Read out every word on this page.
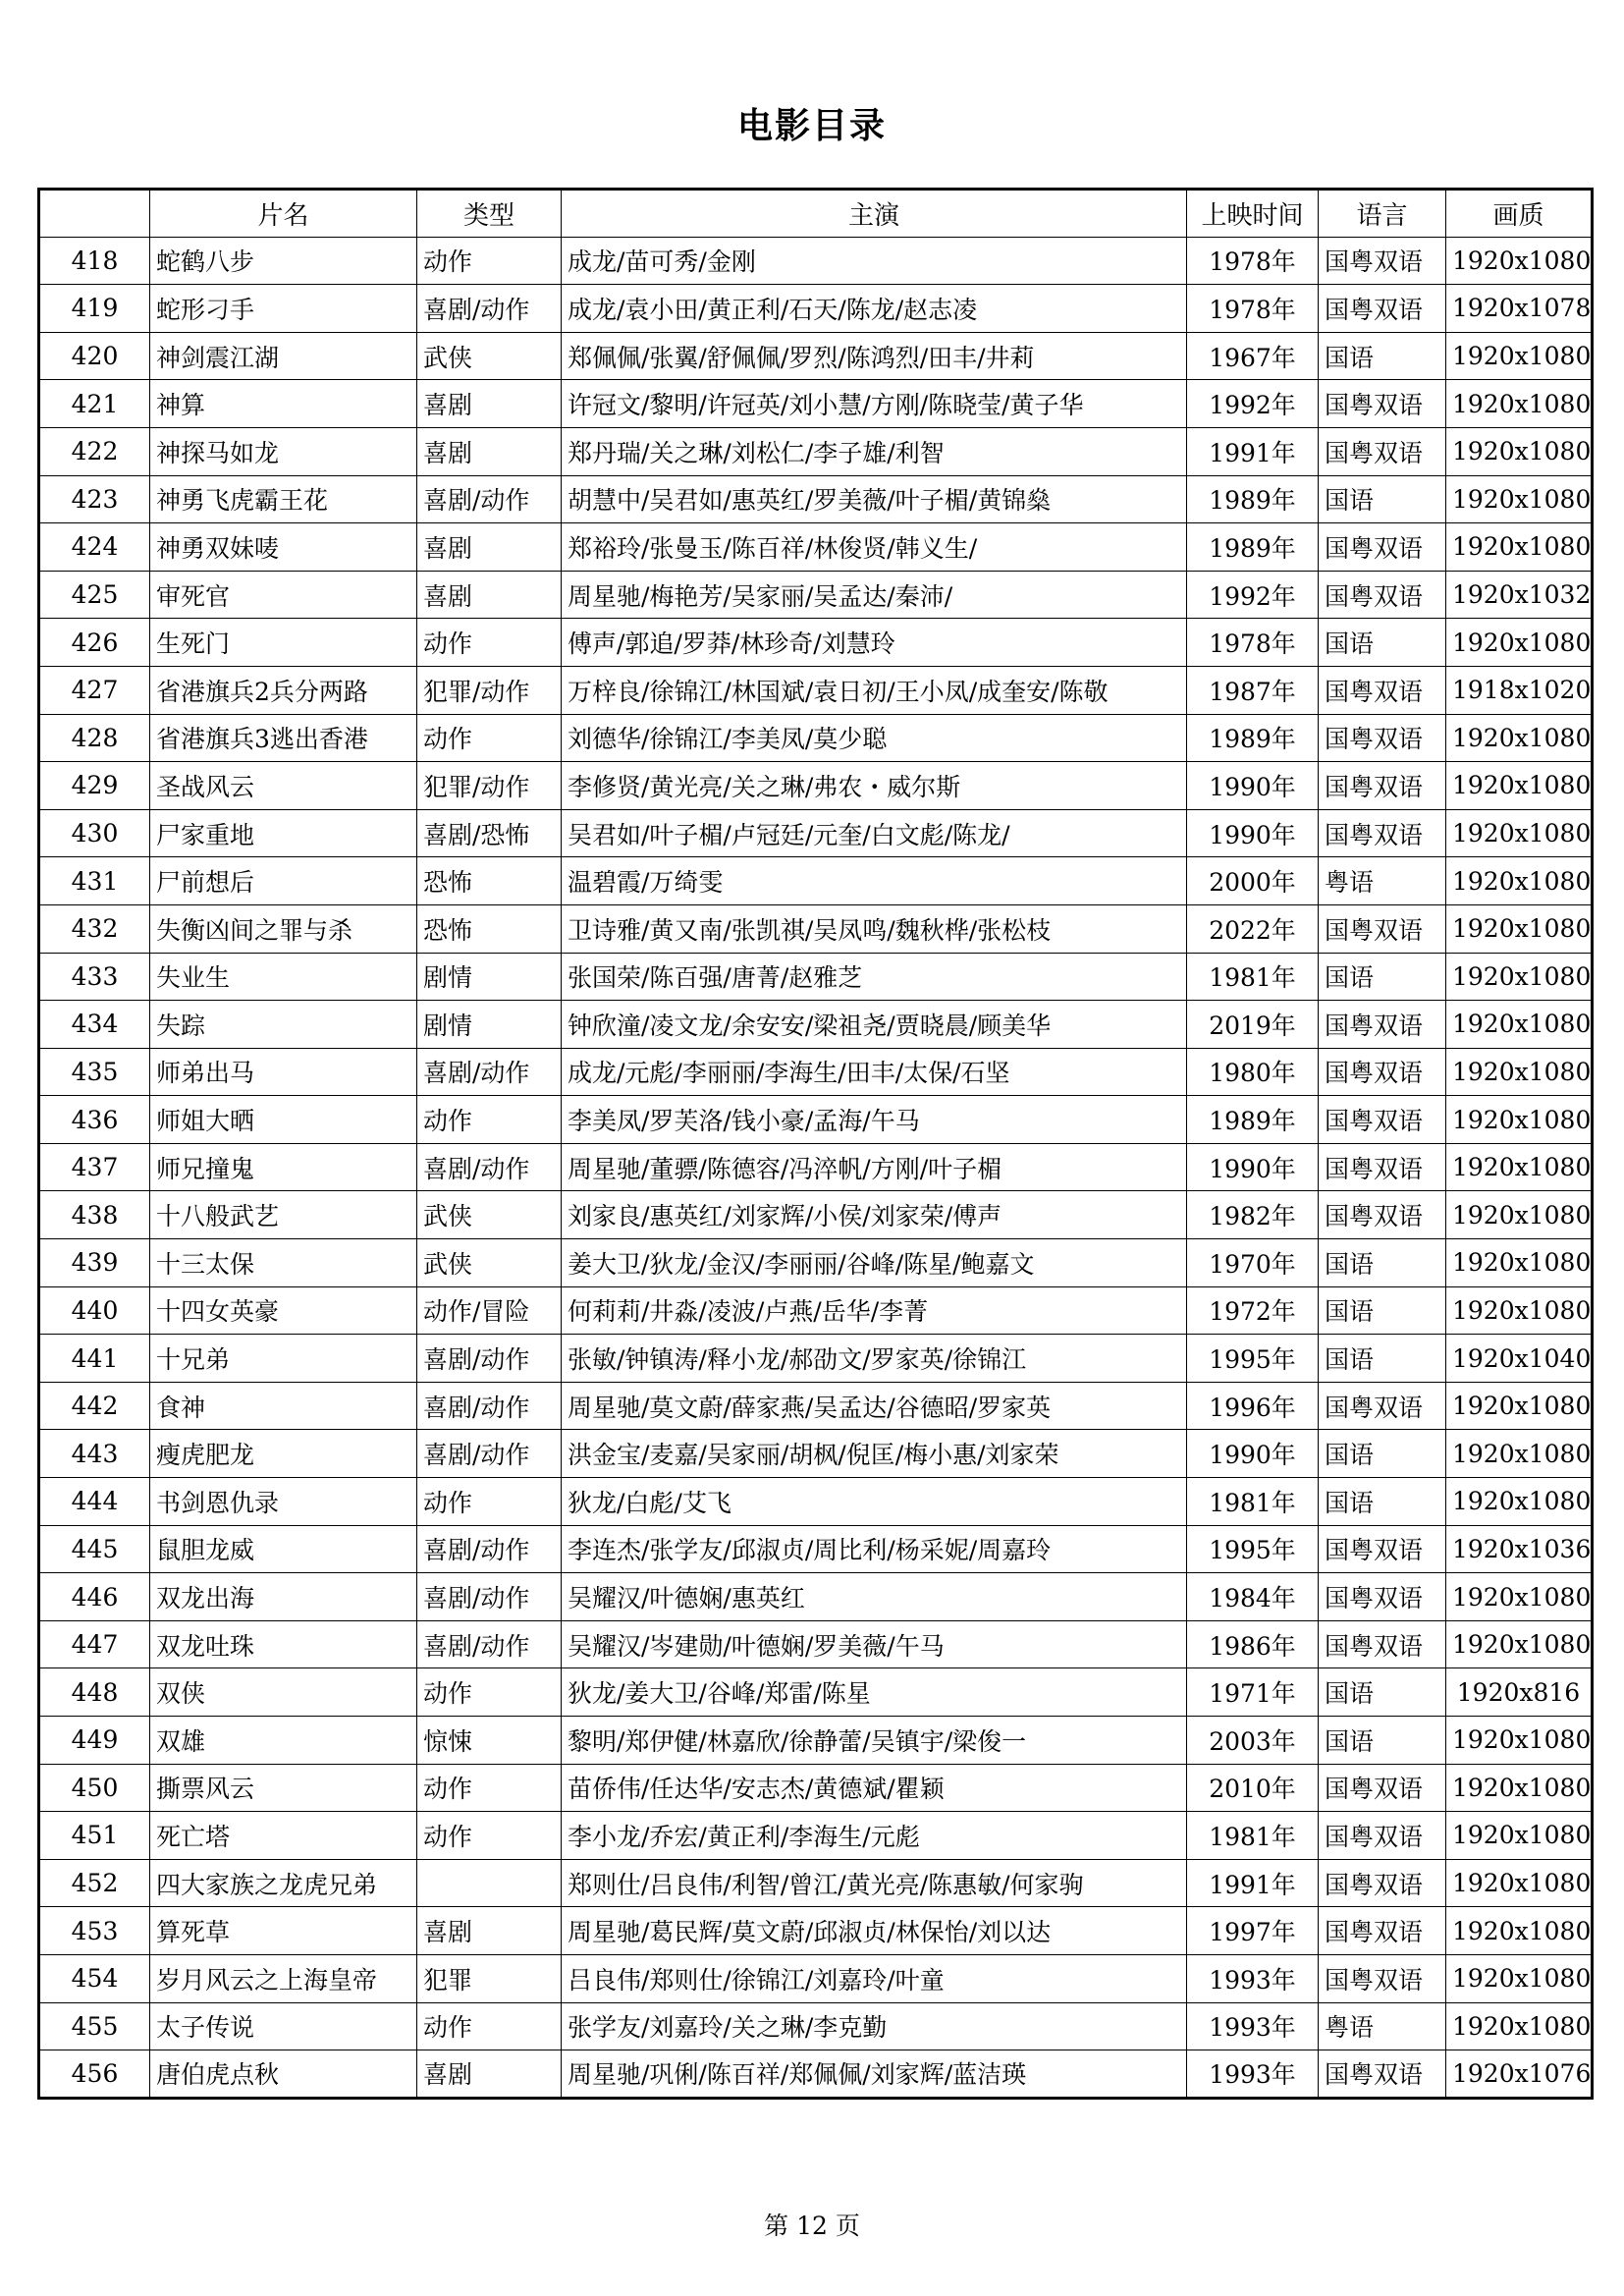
电影目录
	片名	类型	主演	上映时间	语言	画质
418	蛇鹤八步	动作	成龙/苗可秀/金刚	1978年	国粤双语	1920x1080
419	蛇形刁手	喜剧/动作	成龙/袁小田/黄正利/石天/陈龙/赵志凌	1978年	国粤双语	1920x1078
420	神剑震江湖	武侠	郑佩佩/张翼/舒佩佩/罗烈/陈鸿烈/田丰/井莉	1967年	国语	1920x1080
421	神算	喜剧	许冠文/黎明/许冠英/刘小慧/方刚/陈晓莹/黄子华	1992年	国粤双语	1920x1080
422	神探马如龙	喜剧	郑丹瑞/关之琳/刘松仁/李子雄/利智	1991年	国粤双语	1920x1080
423	神勇飞虎霸王花	喜剧/动作	胡慧中/吴君如/惠英红/罗美薇/叶子楣/黄锦燊	1989年	国语	1920x1080
424	神勇双妹唛	喜剧	郑裕玲/张曼玉/陈百祥/林俊贤/韩义生/	1989年	国粤双语	1920x1080
425	审死官	喜剧	周星驰/梅艳芳/吴家丽/吴孟达/秦沛/	1992年	国粤双语	1920x1032
426	生死门	动作	傅声/郭追/罗莽/林珍奇/刘慧玲	1978年	国语	1920x1080
427	省港旗兵2兵分两路	犯罪/动作	万梓良/徐锦江/林国斌/袁日初/王小凤/成奎安/陈敬	1987年	国粤双语	1918x1020
428	省港旗兵3逃出香港	动作	刘德华/徐锦江/李美凤/莫少聪	1989年	国粤双语	1920x1080
429	圣战风云	犯罪/动作	李修贤/黄光亮/关之琳/弗农・威尔斯	1990年	国粤双语	1920x1080
430	尸家重地	喜剧/恐怖	吴君如/叶子楣/卢冠廷/元奎/白文彪/陈龙/	1990年	国粤双语	1920x1080
431	尸前想后	恐怖	温碧霞/万绮雯	2000年	粤语	1920x1080
432	失衡凶间之罪与杀	恐怖	卫诗雅/黄又南/张凯祺/吴凤鸣/魏秋桦/张松枝	2022年	国粤双语	1920x1080
433	失业生	剧情	张国荣/陈百强/唐菁/赵雅芝	1981年	国语	1920x1080
434	失踪	剧情	钟欣潼/凌文龙/余安安/梁祖尧/贾晓晨/顾美华	2019年	国粤双语	1920x1080
435	师弟出马	喜剧/动作	成龙/元彪/李丽丽/李海生/田丰/太保/石坚	1980年	国粤双语	1920x1080
436	师姐大晒	动作	李美凤/罗芙洛/钱小豪/孟海/午马	1989年	国粤双语	1920x1080
437	师兄撞鬼	喜剧/动作	周星驰/董骠/陈德容/冯淬帆/方刚/叶子楣	1990年	国粤双语	1920x1080
438	十八般武艺	武侠	刘家良/惠英红/刘家辉/小侯/刘家荣/傅声	1982年	国粤双语	1920x1080
439	十三太保	武侠	姜大卫/狄龙/金汉/李丽丽/谷峰/陈星/鲍嘉文	1970年	国语	1920x1080
440	十四女英豪	动作/冒险	何莉莉/井淼/凌波/卢燕/岳华/李菁	1972年	国语	1920x1080
441	十兄弟	喜剧/动作	张敏/钟镇涛/释小龙/郝劭文/罗家英/徐锦江	1995年	国语	1920x1040
442	食神	喜剧/动作	周星驰/莫文蔚/薛家燕/吴孟达/谷德昭/罗家英	1996年	国粤双语	1920x1080
443	瘦虎肥龙	喜剧/动作	洪金宝/麦嘉/吴家丽/胡枫/倪匡/梅小惠/刘家荣	1990年	国语	1920x1080
444	书剑恩仇录	动作	狄龙/白彪/艾飞	1981年	国语	1920x1080
445	鼠胆龙威	喜剧/动作	李连杰/张学友/邱淑贞/周比利/杨采妮/周嘉玲	1995年	国粤双语	1920x1036
446	双龙出海	喜剧/动作	吴耀汉/叶德娴/惠英红	1984年	国粤双语	1920x1080
447	双龙吐珠	喜剧/动作	吴耀汉/岑建勋/叶德娴/罗美薇/午马	1986年	国粤双语	1920x1080
448	双侠	动作	狄龙/姜大卫/谷峰/郑雷/陈星	1971年	国语	1920x816
449	双雄	惊悚	黎明/郑伊健/林嘉欣/徐静蕾/吴镇宇/梁俊一	2003年	国语	1920x1080
450	撕票风云	动作	苗侨伟/任达华/安志杰/黄德斌/瞿颖	2010年	国粤双语	1920x1080
451	死亡塔	动作	李小龙/乔宏/黄正利/李海生/元彪	1981年	国粤双语	1920x1080
452	四大家族之龙虎兄弟		郑则仕/吕良伟/利智/曾江/黄光亮/陈惠敏/何家驹	1991年	国粤双语	1920x1080
453	算死草	喜剧	周星驰/葛民辉/莫文蔚/邱淑贞/林保怡/刘以达	1997年	国粤双语	1920x1080
454	岁月风云之上海皇帝	犯罪	吕良伟/郑则仕/徐锦江/刘嘉玲/叶童	1993年	国粤双语	1920x1080
455	太子传说	动作	张学友/刘嘉玲/关之琳/李克勤	1993年	粤语	1920x1080
456	唐伯虎点秋	喜剧	周星驰/巩俐/陈百祥/郑佩佩/刘家辉/蓝洁瑛	1993年	国粤双语	1920x1076
第 12 页
